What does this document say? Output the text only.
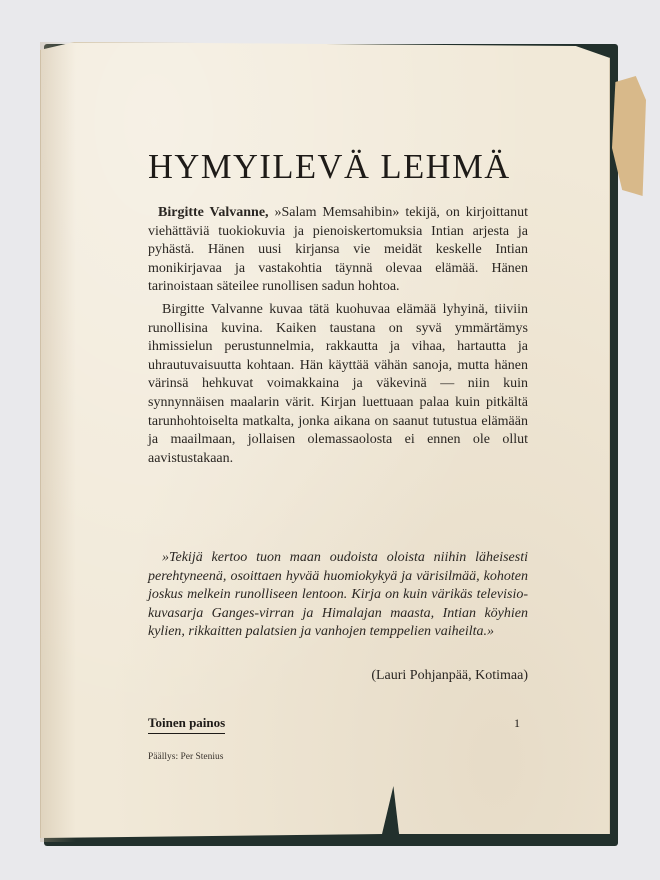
HYMYILEVÄ LEHMÄ

Birgitte Valvanne, »Salam Memsahibin» tekijä, on kirjoittanut viehättäviä tuokiokuvia ja pienoiskertomuksia Intian arjesta ja pyhästä. Hänen uusi kirjansa vie meidät keskelle Intian monikirjavaa ja vastakohtia täynnä olevaa elämää. Hänen tarinoistaan säteilee runollisen sadun hohtoa.

Birgitte Valvanne kuvaa tätä kuohuvaa elämää lyhyinä, tiiviin runollisina kuvina. Kaiken taustana on syvä ymmärtämys ihmissielun perustunnelmia, rakkautta ja vihaa, hartautta ja uhrautuvaisuutta kohtaan. Hän käyttää vähän sanoja, mutta hänen värinsä hehkuvat voimakkaina ja väkevinä — niin kuin synnynnäisen maalarin värit. Kirjan luettuaan palaa kuin pitkältä tarunhohtoiselta matkalta, jonka aikana on saanut tutustua elämään ja maailmaan, jollaisen olemassaolosta ei ennen ole ollut aavistustakaan.

»Tekijä kertoo tuon maan oudoista oloista niihin läheisesti perehtyneenä, osoittaen hyvää huomiokykyä ja värisilmää, kohoten joskus melkein runolliseen lentoon. Kirja on kuin värikäs televisio-kuvasarja Ganges-virran ja Himalajan maasta, Intian köyhien kylien, rikkaitten palatsien ja vanhojen temppelien vaiheilta.»

(Lauri Pohjanpää, Kotimaa)

Toinen painos	1
Päällys: Per Stenius
